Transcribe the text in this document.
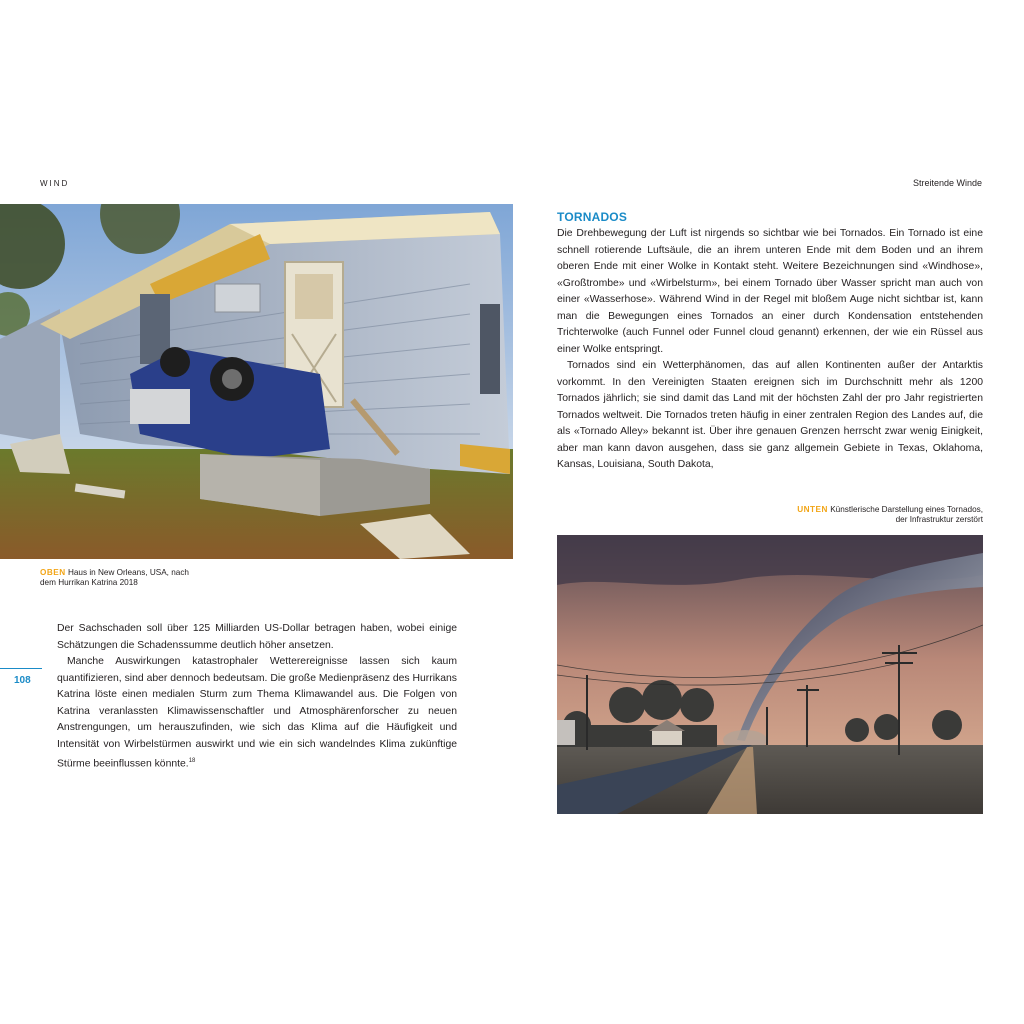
WIND	Streitende Winde
OBEN Haus in New Orleans, USA, nach dem Hurrikan Katrina 2018

Der Sachschaden soll über 125 Milliarden US-Dollar betragen haben, wobei einige Schätzungen die Schadenssumme deutlich höher ansetzen.

Manche Auswirkungen katastrophaler Wetterereignisse lassen sich kaum quantifizieren, sind aber dennoch bedeutsam. Die große Medienpräsenz des Hurrikans Katrina löste einen medialen Sturm zum Thema Klimawandel aus. Die Folgen von Katrina veranlassten Klimawissenschaftler und Atmosphärenforscher zu neuen Anstrengungen, um herauszufinden, wie sich das Klima auf die Häufigkeit und Intensität von Wirbelstürmen auswirkt und wie ein sich wandelndes Klima zukünftige Stürme beeinflussen könnte.$^{18}$

108
TORNADOS

Die Drehbewegung der Luft ist nirgends so sichtbar wie bei Tornados. Ein Tornado ist eine schnell rotierende Luftsäule, die an ihrem unteren Ende mit dem Boden und an ihrem oberen Ende mit einer Wolke in Kontakt steht. Weitere Bezeichnungen sind «Windhose», «Großtrombe» und «Wirbelsturm», bei einem Tornado über Wasser spricht man auch von einer «Wasserhose». Während Wind in der Regel mit bloßem Auge nicht sichtbar ist, kann man die Bewegungen eines Tornados an einer durch Kondensation entstehenden Trichterwolke (auch Funnel oder Funnel cloud genannt) erkennen, der wie ein Rüssel aus einer Wolke entspringt.

Tornados sind ein Wetterphänomen, das auf allen Kontinenten außer der Antarktis vorkommt. In den Vereinigten Staaten ereignen sich im Durchschnitt mehr als 1200 Tornados jährlich; sie sind damit das Land mit der höchsten Zahl der pro Jahr registrierten Tornados weltweit. Die Tornados treten häufig in einer zentralen Region des Landes auf, die als «Tornado Alley» bekannt ist. Über ihre genauen Grenzen herrscht zwar wenig Einigkeit, aber man kann davon ausgehen, dass sie ganz allgemein Gebiete in Texas, Oklahoma, Kansas, Louisiana, South Dakota,

UNTEN Künstlerische Darstellung eines Tornados, der Infrastruktur zerstört
